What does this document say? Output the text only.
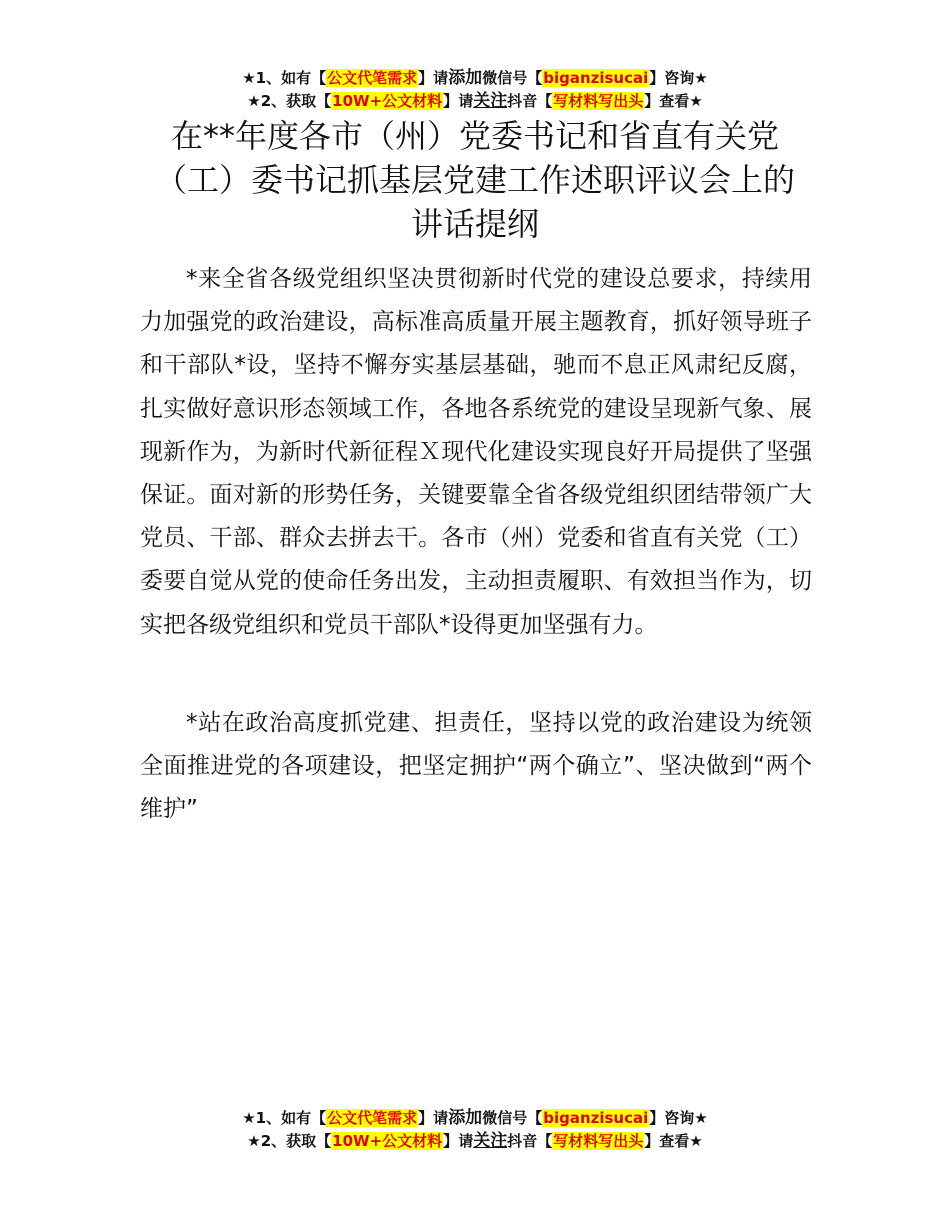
★1、如有【公文代笔需求】请添加微信号【biganzisucai】咨询★
★2、获取【10W+公文材料】请关注抖音【写材料写出头】查看★
在**年度各市（州）党委书记和省直有关党
（工）委书记抓基层党建工作述职评议会上的
讲话提纲

*来全省各级党组织坚决贯彻新时代党的建设总要求，持续用力加强党的政治建设，高标准高质量开展主题教育，抓好领导班子和干部队*设，坚持不懈夯实基层基础，驰而不息正风肃纪反腐，扎实做好意识形态领域工作，各地各系统党的建设呈现新气象、展现新作为，为新时代新征程Ｘ现代化建设实现良好开局提供了坚强保证。面对新的形势任务，关键要靠全省各级党组织团结带领广大党员、干部、群众去拼去干。各市（州）党委和省直有关党（工）委要自觉从党的使命任务出发，主动担责履职、有效担当作为，切实把各级党组织和党员干部队*设得更加坚强有力。

*站在政治高度抓党建、担责任，坚持以党的政治建设为统领全面推进党的各项建设，把坚定拥护“两个确立”、坚决做到“两个维护”

★1、如有【公文代笔需求】请添加微信号【biganzisucai】咨询★
★2、获取【10W+公文材料】请关注抖音【写材料写出头】查看★
